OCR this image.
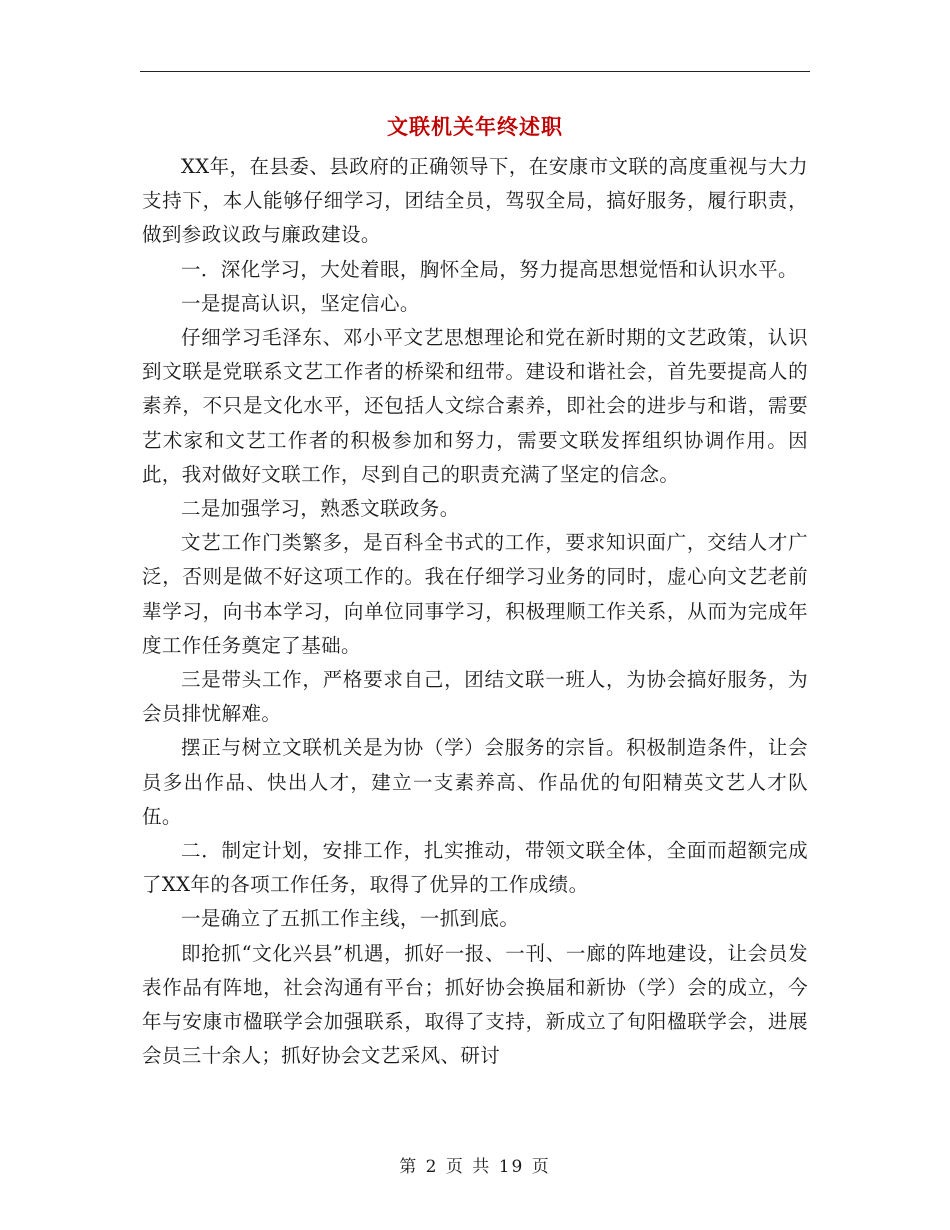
文联机关年终述职

XX年，在县委、县政府的正确领导下，在安康市文联的高度重视与大力支持下，本人能够仔细学习，团结全员，驾驭全局，搞好服务，履行职责，做到参政议政与廉政建设。

一．深化学习，大处着眼，胸怀全局，努力提高思想觉悟和认识水平。

一是提高认识，坚定信心。

仔细学习毛泽东、邓小平文艺思想理论和党在新时期的文艺政策，认识到文联是党联系文艺工作者的桥梁和纽带。建设和谐社会，首先要提高人的素养，不只是文化水平，还包括人文综合素养，即社会的进步与和谐，需要艺术家和文艺工作者的积极参加和努力，需要文联发挥组织协调作用。因此，我对做好文联工作，尽到自己的职责充满了坚定的信念。

二是加强学习，熟悉文联政务。

文艺工作门类繁多，是百科全书式的工作，要求知识面广，交结人才广泛，否则是做不好这项工作的。我在仔细学习业务的同时，虚心向文艺老前辈学习，向书本学习，向单位同事学习，积极理顺工作关系，从而为完成年度工作任务奠定了基础。

三是带头工作，严格要求自己，团结文联一班人，为协会搞好服务，为会员排忧解难。

摆正与树立文联机关是为协（学）会服务的宗旨。积极制造条件，让会员多出作品、快出人才，建立一支素养高、作品优的旬阳精英文艺人才队伍。

二．制定计划，安排工作，扎实推动，带领文联全体，全面而超额完成了XX年的各项工作任务，取得了优异的工作成绩。

一是确立了五抓工作主线，一抓到底。

即抢抓“文化兴县”机遇，抓好一报、一刊、一廊的阵地建设，让会员发表作品有阵地，社会沟通有平台；抓好协会换届和新协（学）会的成立，今年与安康市楹联学会加强联系，取得了支持，新成立了旬阳楹联学会，进展会员三十余人；抓好协会文艺采风、研讨

第 2 页 共 19 页
